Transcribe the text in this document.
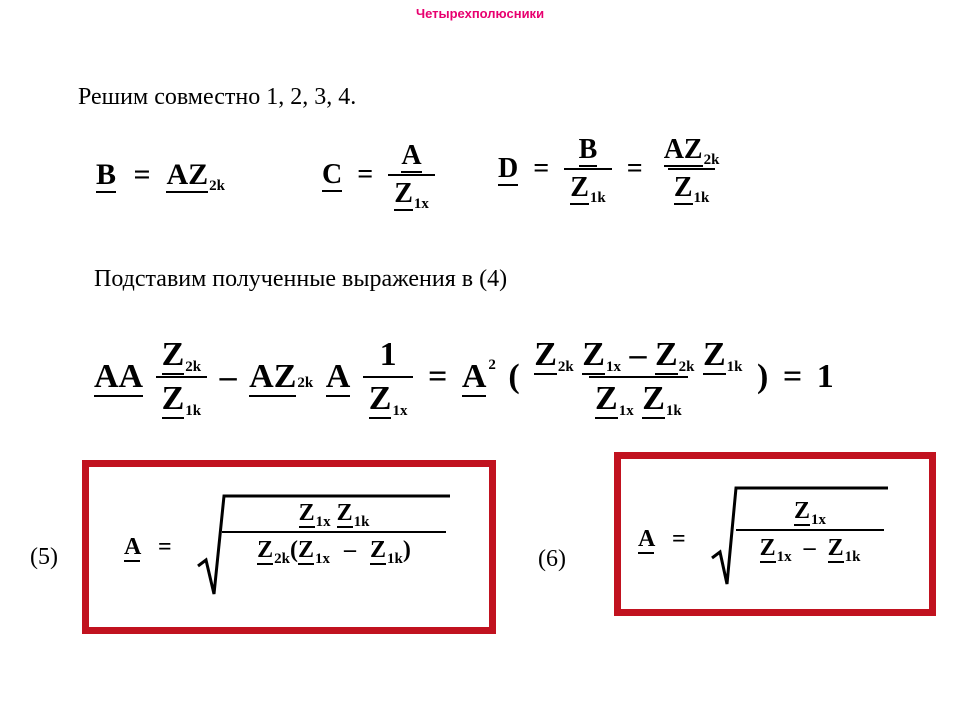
Четырехполюсники
Решим совместно 1, 2, 3, 4.
$B = AZ_{2k}$	$C = \frac{A}{Z_{1x}}$ $D = \frac{B}{Z_{1k}} = \frac{AZ_{2k}}{Z_{1k}}$
Подставим полученные выражения в (4)
AA $\frac{Z2k}{Z1k} - AZ2k$ A $\frac{1}{Z1x} = A$ $^2$ ( $\frac{\text{Z2k Z1x – Z2k Z1k}}{\text{Z1x Z1k}}$ ) = 1
(5)	A =
$Z_{1x}$ $Z_{1k}$
$Z_{2k}(Z_{1x} - Z_{1k})$	(6)
A =
$Z_{1x}$
$Z_{1x} - Z_{1k}$
